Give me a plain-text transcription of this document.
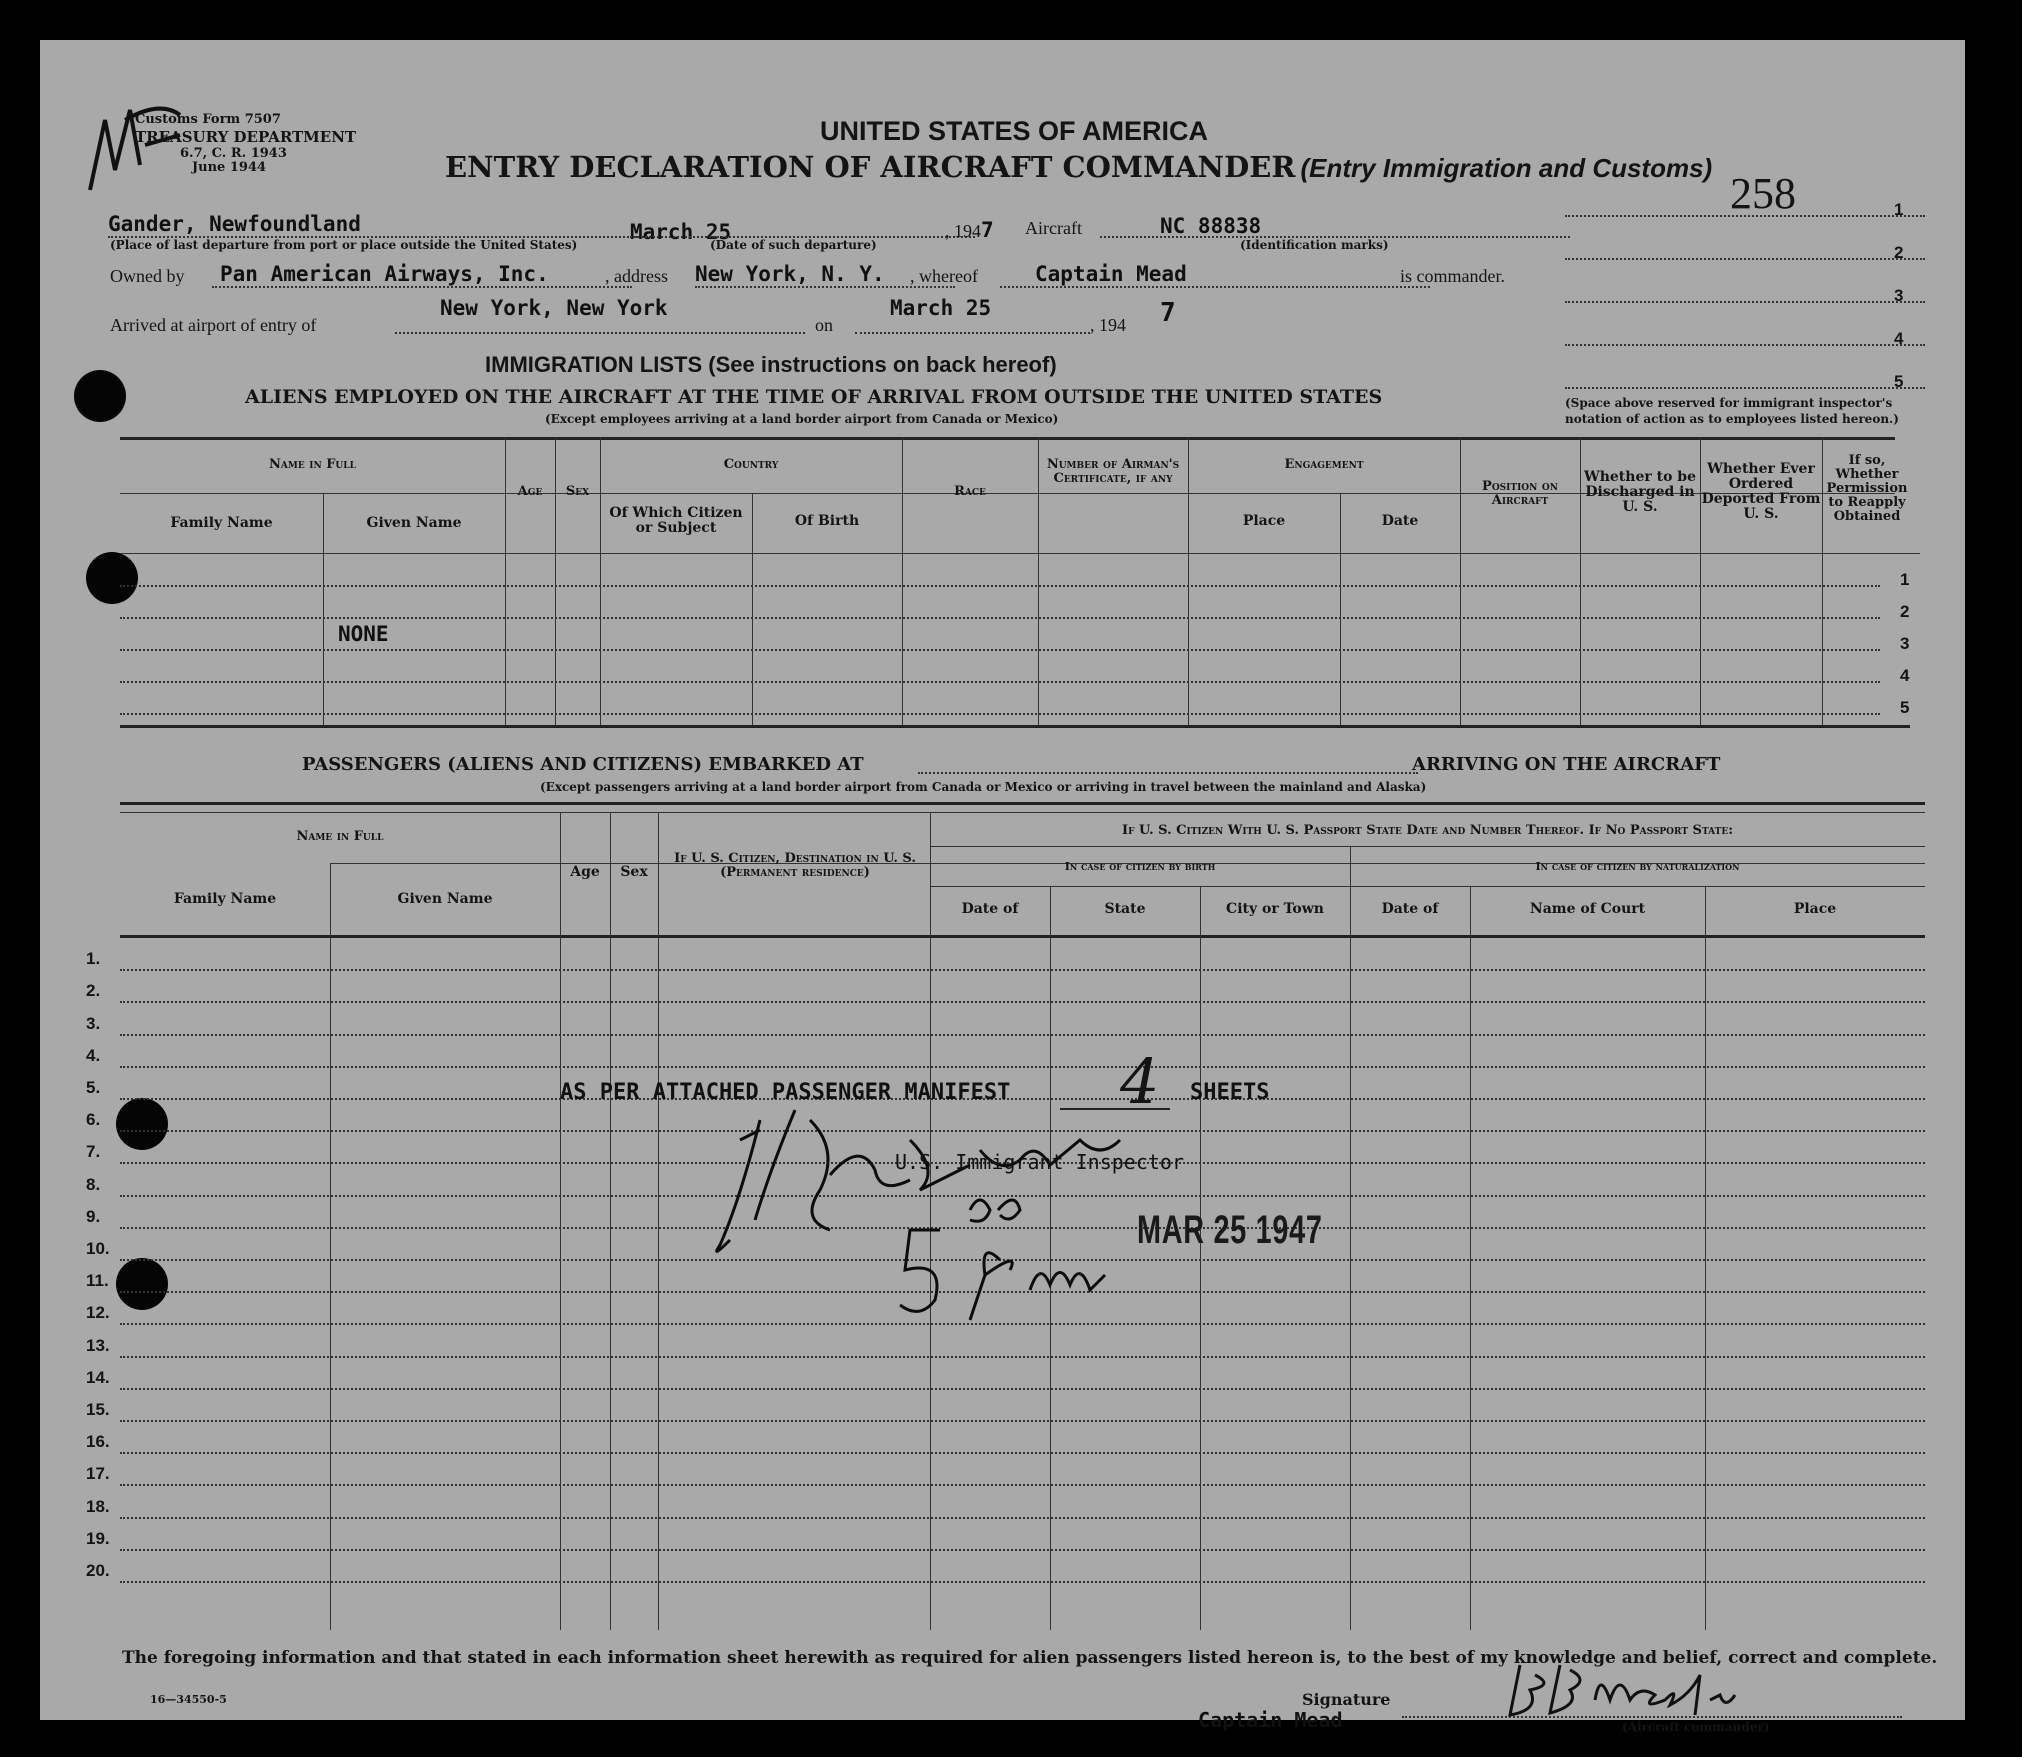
Customs Form 7507
TREASURY DEPARTMENT
6.7, C. R. 1943
June 1944
UNITED STATES OF AMERICA
ENTRY DECLARATION OF AIRCRAFT COMMANDER (Entry Immigration and Customs)
258	1
2
3
4
5
(Space above reserved for immigrant inspector's notation of action as to employees listed hereon.)
Gander, Newfoundland
(Place of last departure from port or place outside the United States)
March 25
(Date of such departure)
, 1947 Aircraft	NC 88838
(Identification marks)
Owned by Pan American Airways, Inc.	, address New York, N. Y. , whereof	Captain Mead	is commander.
Arrived at airport of entry of
New York, New York
on
March 25
, 194 7
IMMIGRATION LISTS (See instructions on back hereof)
ALIENS EMPLOYED ON THE AIRCRAFT AT THE TIME OF ARRIVAL FROM OUTSIDE THE UNITED STATES
(Except employees arriving at a land border airport from Canada or Mexico)
1
2
3
4
5
Name in Full
Family Name	Given Name
Age	Sex
Country
Of Which Citizen or Subject	Of Birth
Race
Number of Airman's Certificate, if any
Engagement
Place	Date
Position on Aircraft
Whether to be Discharged in U. S.
Whether Ever Ordered Deported From U. S.
If so, Whether Permission to Reapply Obtained
NONE
PASSENGERS (ALIENS AND CITIZENS) EMBARKED AT	ARRIVING ON THE AIRCRAFT
(Except passengers arriving at a land border airport from Canada or Mexico or arriving in travel between the mainland and Alaska)
Name in Full
Family Name	Given Name
Age	Sex
If U. S. Citizen, Destination in U. S. (Permanent residence)
If U. S. Citizen With U. S. Passport State Date and Number Thereof. If No Passport State:
In case of citizen by birth	In case of citizen by naturalization
Date of	State	City or Town	Date of	Name of Court	Place
1.
2.
3.
4.
5.
6.
7.
8.
9.
10.
11.
12.
13.
14.
15.
16.
17.
18.
19.
20.
AS PER ATTACHED PASSENGER MANIFEST 4 SHEETS
U.S. Immigrant Inspector
MAR 25 1947
The foregoing information and that stated in each information sheet herewith as required for alien passengers listed hereon is, to the best of my knowledge and belief, correct and complete.
16—34550-5	Signature
Captain Mead	(Aircraft commander)
